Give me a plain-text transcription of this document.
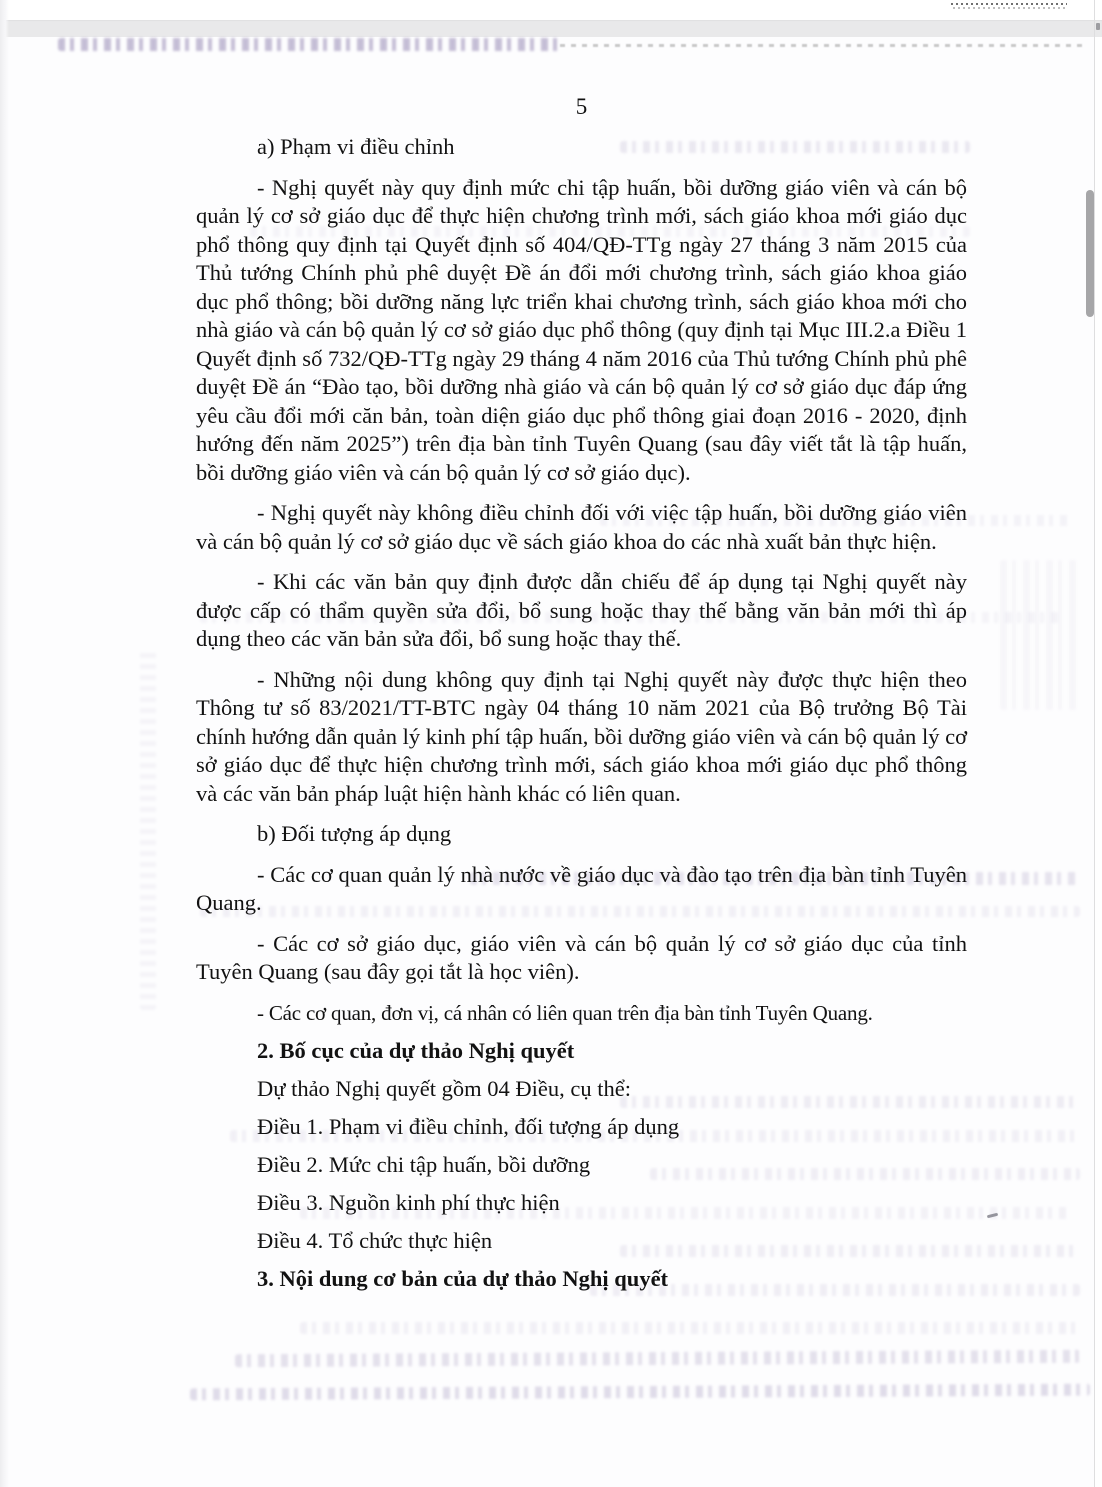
5

a) Phạm vi điều chỉnh

- Nghị quyết này quy định mức chi tập huấn, bồi dưỡng giáo viên và cán bộ quản lý cơ sở giáo dục để thực hiện chương trình mới, sách giáo khoa mới giáo dục phổ thông quy định tại Quyết định số 404/QĐ-TTg ngày 27 tháng 3 năm 2015 của Thủ tướng Chính phủ phê duyệt Đề án đổi mới chương trình, sách giáo khoa giáo dục phổ thông; bồi dưỡng năng lực triển khai chương trình, sách giáo khoa mới cho nhà giáo và cán bộ quản lý cơ sở giáo dục phổ thông (quy định tại Mục III.2.a Điều 1 Quyết định số 732/QĐ-TTg ngày 29 tháng 4 năm 2016 của Thủ tướng Chính phủ phê duyệt Đề án “Đào tạo, bồi dưỡng nhà giáo và cán bộ quản lý cơ sở giáo dục đáp ứng yêu cầu đổi mới căn bản, toàn diện giáo dục phổ thông giai đoạn 2016 - 2020, định hướng đến năm 2025”) trên địa bàn tỉnh Tuyên Quang (sau đây viết tắt là tập huấn, bồi dưỡng giáo viên và cán bộ quản lý cơ sở giáo dục).

- Nghị quyết này không điều chỉnh đối với việc tập huấn, bồi dưỡng giáo viên và cán bộ quản lý cơ sở giáo dục về sách giáo khoa do các nhà xuất bản thực hiện.

- Khi các văn bản quy định được dẫn chiếu để áp dụng tại Nghị quyết này được cấp có thẩm quyền sửa đổi, bổ sung hoặc thay thế bằng văn bản mới thì áp dụng theo các văn bản sửa đổi, bổ sung hoặc thay thế.

- Những nội dung không quy định tại Nghị quyết này được thực hiện theo Thông tư số 83/2021/TT-BTC ngày 04 tháng 10 năm 2021 của Bộ trưởng Bộ Tài chính hướng dẫn quản lý kinh phí tập huấn, bồi dưỡng giáo viên và cán bộ quản lý cơ sở giáo dục để thực hiện chương trình mới, sách giáo khoa mới giáo dục phổ thông và các văn bản pháp luật hiện hành khác có liên quan.

b) Đối tượng áp dụng

- Các cơ quan quản lý nhà nước về giáo dục và đào tạo trên địa bàn tỉnh Tuyên Quang.

- Các cơ sở giáo dục, giáo viên và cán bộ quản lý cơ sở giáo dục của tỉnh Tuyên Quang (sau đây gọi tắt là học viên).

- Các cơ quan, đơn vị, cá nhân có liên quan trên địa bàn tỉnh Tuyên Quang.

2. Bố cục của dự thảo Nghị quyết

Dự thảo Nghị quyết gồm 04 Điều, cụ thể:

Điều 1. Phạm vi điều chỉnh, đối tượng áp dụng

Điều 2. Mức chi tập huấn, bồi dưỡng

Điều 3. Nguồn kinh phí thực hiện

Điều 4. Tổ chức thực hiện

3. Nội dung cơ bản của dự thảo Nghị quyết
